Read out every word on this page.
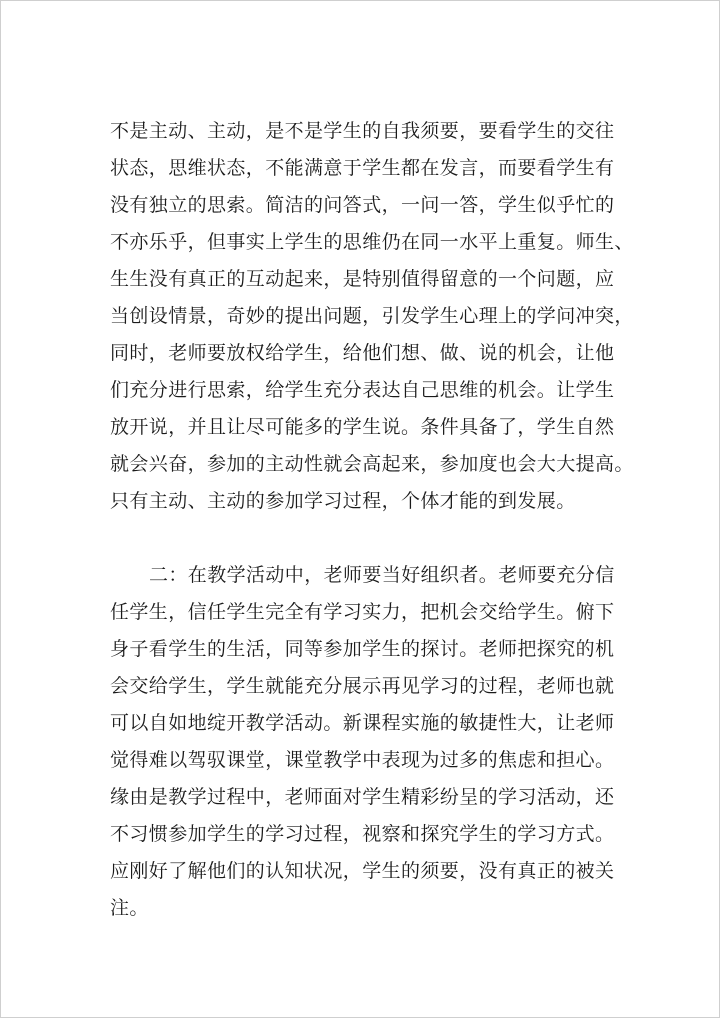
不是主动、主动，是不是学生的自我须要，要看学生的交往

状态，思维状态，不能满意于学生都在发言，而要看学生有

没有独立的思索。简洁的问答式，一问一答，学生似乎忙的

不亦乐乎，但事实上学生的思维仍在同一水平上重复。师生、

生生没有真正的互动起来，是特别值得留意的一个问题，应

当创设情景，奇妙的提出问题，引发学生心理上的学问冲突，

同时，老师要放权给学生，给他们想、做、说的机会，让他

们充分进行思索，给学生充分表达自己思维的机会。让学生

放开说，并且让尽可能多的学生说。条件具备了，学生自然

就会兴奋，参加的主动性就会高起来，参加度也会大大提高。

只有主动、主动的参加学习过程，个体才能的到发展。

二：在教学活动中，老师要当好组织者。老师要充分信

任学生，信任学生完全有学习实力，把机会交给学生。俯下

身子看学生的生活，同等参加学生的探讨。老师把探究的机

会交给学生，学生就能充分展示再见学习的过程，老师也就

可以自如地绽开教学活动。新课程实施的敏捷性大，让老师

觉得难以驾驭课堂，课堂教学中表现为过多的焦虑和担心。

缘由是教学过程中，老师面对学生精彩纷呈的学习活动，还

不习惯参加学生的学习过程，视察和探究学生的学习方式。

应刚好了解他们的认知状况，学生的须要，没有真正的被关

注。
